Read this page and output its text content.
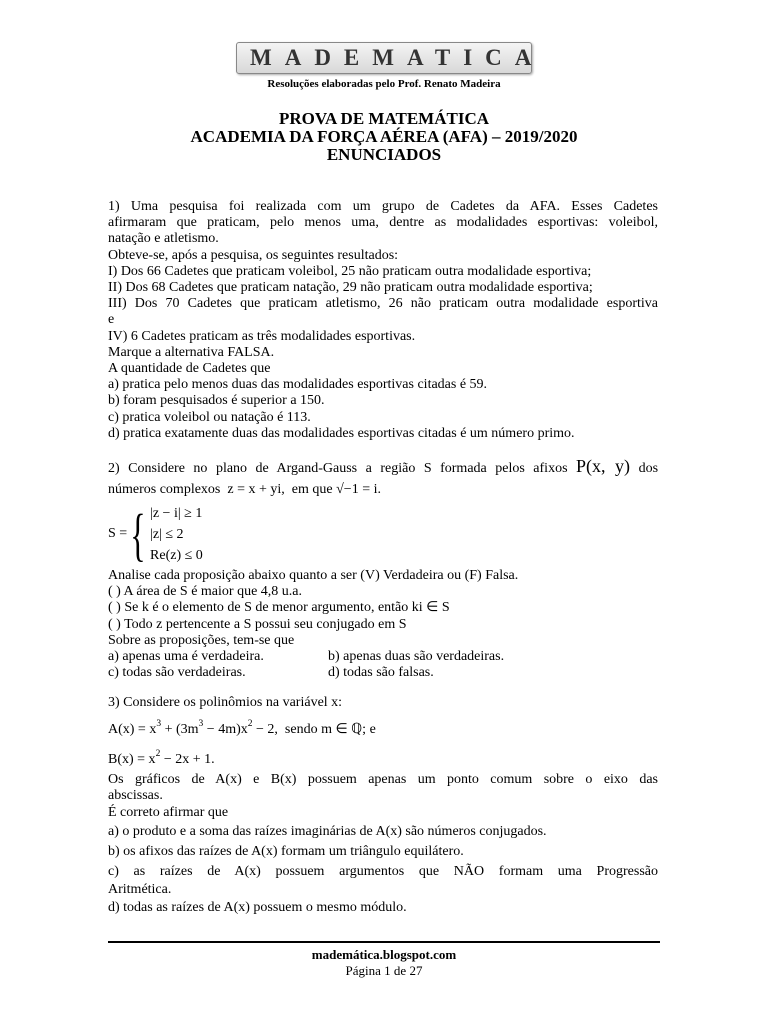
MADEMATICA
Resoluções elaboradas pelo Prof. Renato Madeira
PROVA DE MATEMÁTICA
ACADEMIA DA FORÇA AÉREA (AFA) – 2019/2020
ENUNCIADOS

1) Uma pesquisa foi realizada com um grupo de Cadetes da AFA. Esses Cadetes

afirmaram que praticam, pelo menos uma, dentre as modalidades esportivas: voleibol,

natação e atletismo.

Obteve-se, após a pesquisa, os seguintes resultados:

I) Dos 66 Cadetes que praticam voleibol, 25 não praticam outra modalidade esportiva;

II) Dos 68 Cadetes que praticam natação, 29 não praticam outra modalidade esportiva;

III) Dos 70 Cadetes que praticam atletismo, 26 não praticam outra modalidade esportiva

e

IV) 6 Cadetes praticam as três modalidades esportivas.

Marque a alternativa FALSA.

A quantidade de Cadetes que

a) pratica pelo menos duas das modalidades esportivas citadas é 59.

b) foram pesquisados é superior a 150.

c) pratica voleibol ou natação é 113.

d) pratica exatamente duas das modalidades esportivas citadas é um número primo.

2) Considere no plano de Argand-Gauss a região S formada pelos afixos P(x, y) dos

números complexos z = x + yi, em que √−1 = i.

S = { |z − i| ≥ 1
|z| ≤ 2
Re(z) ≤ 0

Analise cada proposição abaixo quanto a ser (V) Verdadeira ou (F) Falsa.

( ) A área de S é maior que 4,8 u.a.

( ) Se k é o elemento de S de menor argumento, então ki ∈ S

( ) Todo z pertencente a S possui seu conjugado em S

Sobre as proposições, tem-se que

a) apenas uma é verdadeira.	b) apenas duas são verdadeiras.

c) todas são verdadeiras.	d) todas são falsas.

3) Considere os polinômios na variável x:

$A(x) = x^3 + (3m^3 - 4m)x^2 - 2$, sendo m ∈ ℚ; e

$B(x) = x^2 - 2x + 1$.

Os gráficos de A(x) e B(x) possuem apenas um ponto comum sobre o eixo das

abscissas.

É correto afirmar que

a) o produto e a soma das raízes imaginárias de A(x) são números conjugados.

b) os afixos das raízes de A(x) formam um triângulo equilátero.

c) as raízes de A(x) possuem argumentos que NÃO formam uma Progressão

Aritmética.

d) todas as raízes de A(x) possuem o mesmo módulo.

mademática.blogspot.com
Página 1 de 27
